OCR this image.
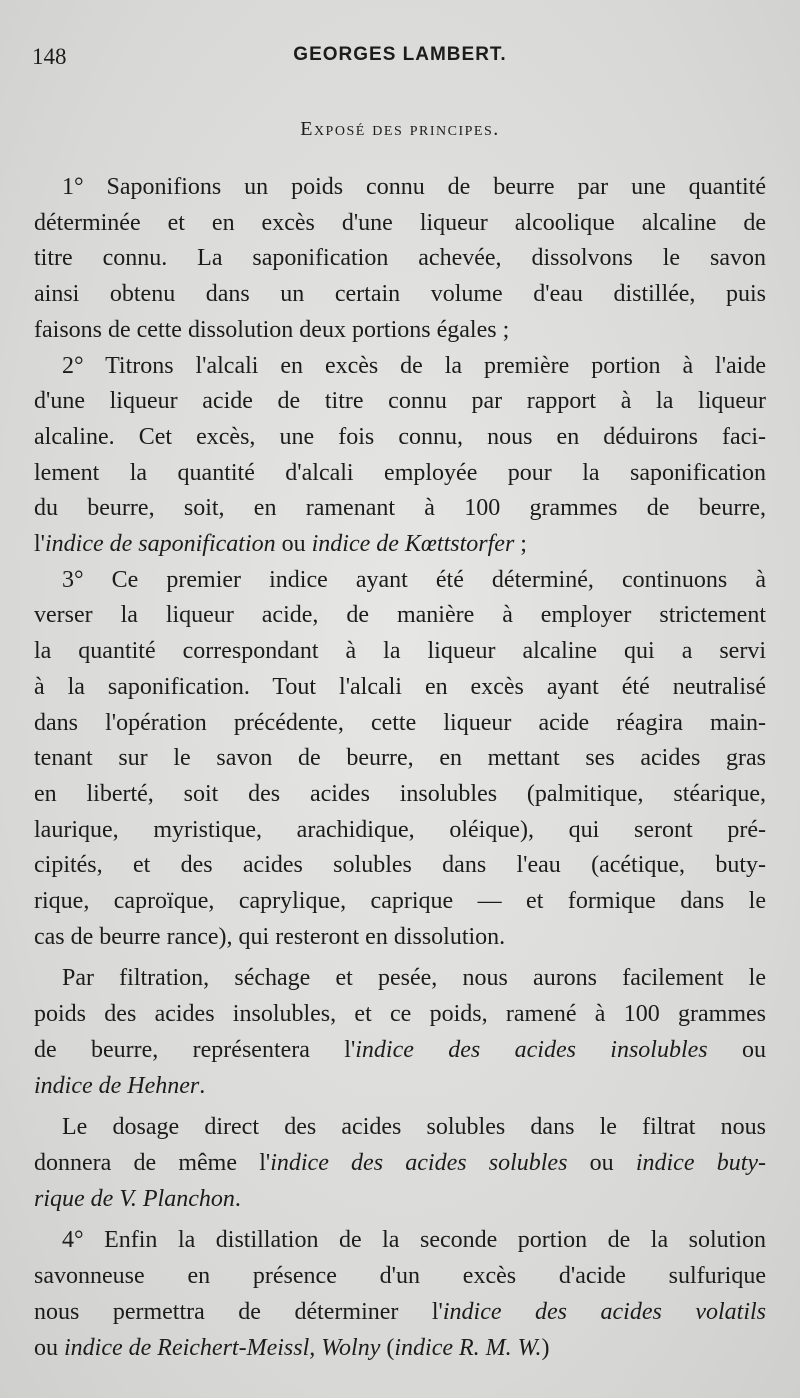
148	GEORGES LAMBERT.
Exposé des principes.

1° Saponifions un poids connu de beurre par une quantité
déterminée et en excès d'une liqueur alcoolique alcaline de
titre connu. La saponification achevée, dissolvons le savon
ainsi obtenu dans un certain volume d'eau distillée, puis
faisons de cette dissolution deux portions égales ;

2° Titrons l'alcali en excès de la première portion à l'aide
d'une liqueur acide de titre connu par rapport à la liqueur
alcaline. Cet excès, une fois connu, nous en déduirons faci-
lement la quantité d'alcali employée pour la saponification
du beurre, soit, en ramenant à 100 grammes de beurre,
l'indice de saponification ou indice de Kœttstorfer ;

3° Ce premier indice ayant été déterminé, continuons à
verser la liqueur acide, de manière à employer strictement
la quantité correspondant à la liqueur alcaline qui a servi
à la saponification. Tout l'alcali en excès ayant été neutralisé
dans l'opération précédente, cette liqueur acide réagira main-
tenant sur le savon de beurre, en mettant ses acides gras
en liberté, soit des acides insolubles (palmitique, stéarique,
laurique, myristique, arachidique, oléique), qui seront pré-
cipités, et des acides solubles dans l'eau (acétique, buty-
rique, caproïque, caprylique, caprique — et formique dans le
cas de beurre rance), qui resteront en dissolution.

Par filtration, séchage et pesée, nous aurons facilement le
poids des acides insolubles, et ce poids, ramené à 100 grammes
de beurre, représentera l'indice des acides insolubles ou
indice de Hehner.

Le dosage direct des acides solubles dans le filtrat nous
donnera de même l'indice des acides solubles ou indice buty-
rique de V. Planchon.

4° Enfin la distillation de la seconde portion de la solution
savonneuse en présence d'un excès d'acide sulfurique
nous permettra de déterminer l'indice des acides volatils
ou indice de Reichert-Meissl, Wolny (indice R. M. W.)
